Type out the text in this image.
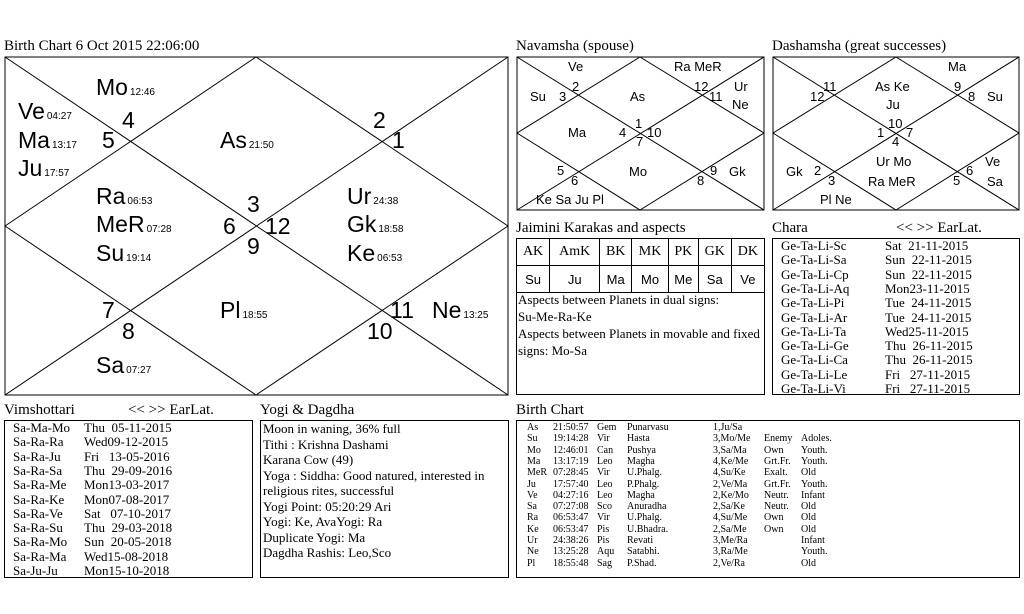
Birth Chart 6 Oct 2015 22:06:00
4
5
2
1
3
6 12
9
7
8
11
10
Mo 12:46
Ve 04:27
Ma 13:17
Ju 17:57
As 21:50
Ra 06:53
MeR 07:28
Su 19:14
Ur 24:38
Gk 18:58
Ke 06:53
Pl 18:55	Ne 13:25
Sa 07:27
Navamsha (spouse)
Ve	Ra MeR
Su 3
2
As
12
11
Ur
Ne
Ma	4
1
10
7
Mo
5
6	8
9 Gk
Ke Sa Ju Pl
Dashamsha (great successes)
Ma
12
11	As Ke
Ju
9
8 Su
10
1 7
4
Ur Mo
Ra MeR
Gk 2
3	5
6
Ve
Sa
Pl Ne
Jaimini Karakas and aspects
AK	AmK	BK	MK	PK	GK	DK
Su	Ju	Ma	Mo	Me	Sa	Ve
Aspects between Planets in dual signs:
Su-Me-Ra-Ke
Aspects between Planets in movable and fixed signs: Mo-Sa
Chara	<< >> EarLat.
Ge-Ta-Li-Sc	Sat  21-11-2015
Ge-Ta-Li-Sa	Sun  22-11-2015
Ge-Ta-Li-Cp	Sun  22-11-2015
Ge-Ta-Li-Aq	Mon23-11-2015
Ge-Ta-Li-Pi	Tue  24-11-2015
Ge-Ta-Li-Ar	Tue  24-11-2015
Ge-Ta-Li-Ta	Wed25-11-2015
Ge-Ta-Li-Ge	Thu  26-11-2015
Ge-Ta-Li-Ca	Thu  26-11-2015
Ge-Ta-Li-Le	Fri   27-11-2015
Ge-Ta-Li-Vi	Fri   27-11-2015
Vimshottari	<< >> EarLat.
Sa-Ma-Mo Thu  05-11-2015
Sa-Ra-Ra Wed09-12-2015
Sa-Ra-Ju Fri   13-05-2016
Sa-Ra-Sa Thu  29-09-2016
Sa-Ra-Me Mon13-03-2017
Sa-Ra-Ke Mon07-08-2017
Sa-Ra-Ve Sat   07-10-2017
Sa-Ra-Su Thu  29-03-2018
Sa-Ra-Mo Sun  20-05-2018
Sa-Ra-Ma Wed15-08-2018
Sa-Ju-Ju Mon15-10-2018
Yogi & Dagdha
Moon in waning, 36% full
Tithi : Krishna Dashami
Karana Cow (49)
Yoga : Siddha: Good natured, interested in religious rites, successful
Yogi Point: 05:20:29 Ari
Yogi: Ke, AvaYogi: Ra
Duplicate Yogi: Ma
Dagdha Rashis: Leo,Sco
Birth Chart
As 21:50:57 Gem Punarvasu	1,Ju/Sa
Su 19:14:28 Vir Hasta	3,Mo/Me Enemy Adoles.
Mo 12:46:01 Can Pushya	3,Sa/Ma Own Youth.
Ma 13:17:19 Leo Magha	4,Ke/Me Grt.Fr. Youth.
MeR 07:28:45 Vir U.Phalg.	4,Su/Ke Exalt. Old
Ju 17:57:40 Leo P.Phalg.	2,Ve/Ma Grt.Fr. Youth.
Ve 04:27:16 Leo Magha	2,Ke/Mo Neutr. Infant
Sa 07:27:08 Sco Anuradha	2,Sa/Ke Neutr. Old
Ra 06:53:47 Vir U.Phalg.	4,Su/Me Own Old
Ke 06:53:47 Pis U.Bhadra.	2,Sa/Me Own Old
Ur 24:38:26 Pis Revati	3,Me/Ra	Infant
Ne 13:25:28 Aqu Satabhi.	3,Ra/Me	Youth.
Pl 18:55:48 Sag P.Shad.	2,Ve/Ra	Old
